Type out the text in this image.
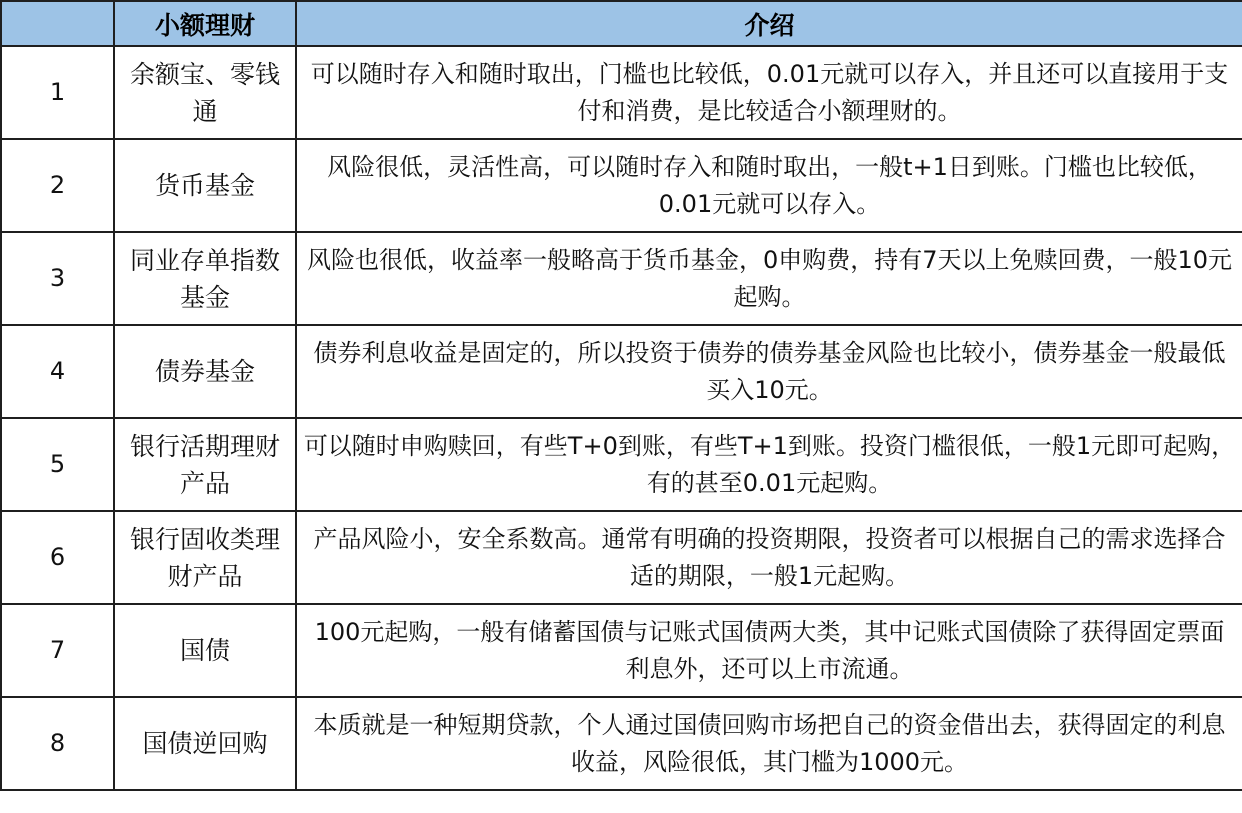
	小额理财	介绍
1	余额宝、零钱通	可以随时存入和随时取出，门槛也比较低，0.01元就可以存入，并且还可以直接用于支付和消费，是比较适合小额理财的。
2	货币基金	风险很低，灵活性高，可以随时存入和随时取出，一般t+1日到账。门槛也比较低，0.01元就可以存入。
3	同业存单指数基金	风险也很低，收益率一般略高于货币基金，0申购费，持有7天以上免赎回费，一般10元起购。
4	债券基金	债券利息收益是固定的，所以投资于债券的债券基金风险也比较小，债券基金一般最低买入10元。
5	银行活期理财产品	可以随时申购赎回，有些T+0到账，有些T+1到账。投资门槛很低，一般1元即可起购，有的甚至0.01元起购。
6	银行固收类理财产品	产品风险小，安全系数高。通常有明确的投资期限，投资者可以根据自己的需求选择合适的期限，一般1元起购。
7	国债	100元起购，一般有储蓄国债与记账式国债两大类，其中记账式国债除了获得固定票面利息外，还可以上市流通。
8	国债逆回购	本质就是一种短期贷款，个人通过国债回购市场把自己的资金借出去，获得固定的利息收益，风险很低，其门槛为1000元。
